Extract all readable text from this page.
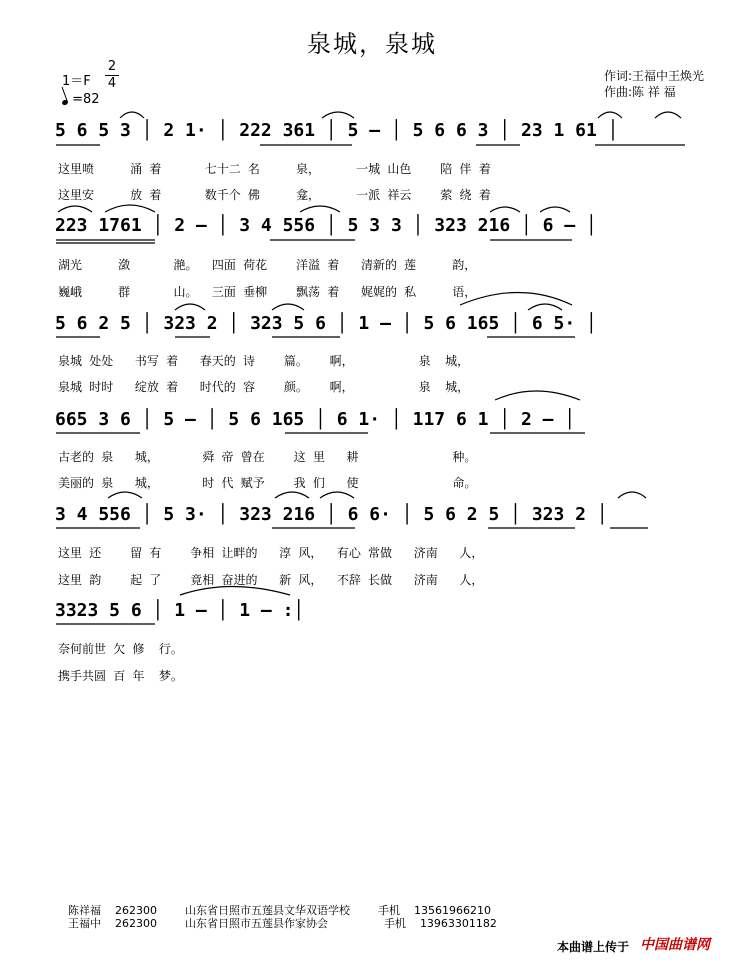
泉城，泉城
1＝F
2
4
=82
作词:王福中王焕光
作曲:陈 祥 福
5 6 5 3 │ 2 1· │ 222 361 │ 5 – │ 5 6 6 3 │ 23 1 61 │
这里喷     涌 着      七十二 名     泉，     一城 山色    陪 伴 着
这里安     放 着      数千个 佛     龛，     一派 祥云    萦 绕 着
223 1761 │ 2 – │ 3 4 556 │ 5 3 3 │ 323 216 │ 6 – │
湖光     潋      滟。  四面 荷花    洋溢 着   清新的 莲     韵，
巍峨     群      山。  三面 垂柳    飘荡 着   娓娓的 私     语，
5 6 2 5 │ 323 2 │ 323 5 6 │ 1 – │ 5 6 165 │ 6 5· │
泉城 处处   书写 着   春天的 诗    篇。   啊，         泉  城，
泉城 时时   绽放 着   时代的 容    颜。   啊，         泉  城，
665 3 6 │ 5 – │ 5 6 165 │ 6 1· │ 117 6 1 │ 2 – │
古老的 泉   城，      舜 帝 曾在    这 里   耕             种。
美丽的 泉   城，      时 代 赋予    我 们   使             命。
3 4 556 │ 5 3· │ 323 216 │ 6 6· │ 5 6 2 5 │ 323 2 │
这里 还    留 有    争相 让畔的   淳 风，  有心 常做   济南   人，
这里 韵    起 了    竟相 奋进的   新 风，  不辞 长做   济南   人，
3323 5 6 │ 1 – │ 1 – :│
奈何前世 欠 修  行。
携手共圆 百 年  梦。
陈祥福 262300	山东省日照市五莲县文华双语学校	手机 13561966210
王福中 262300	山东省日照市五莲县作家协会	手机 13963301182
本曲谱上传于 中国曲谱网
